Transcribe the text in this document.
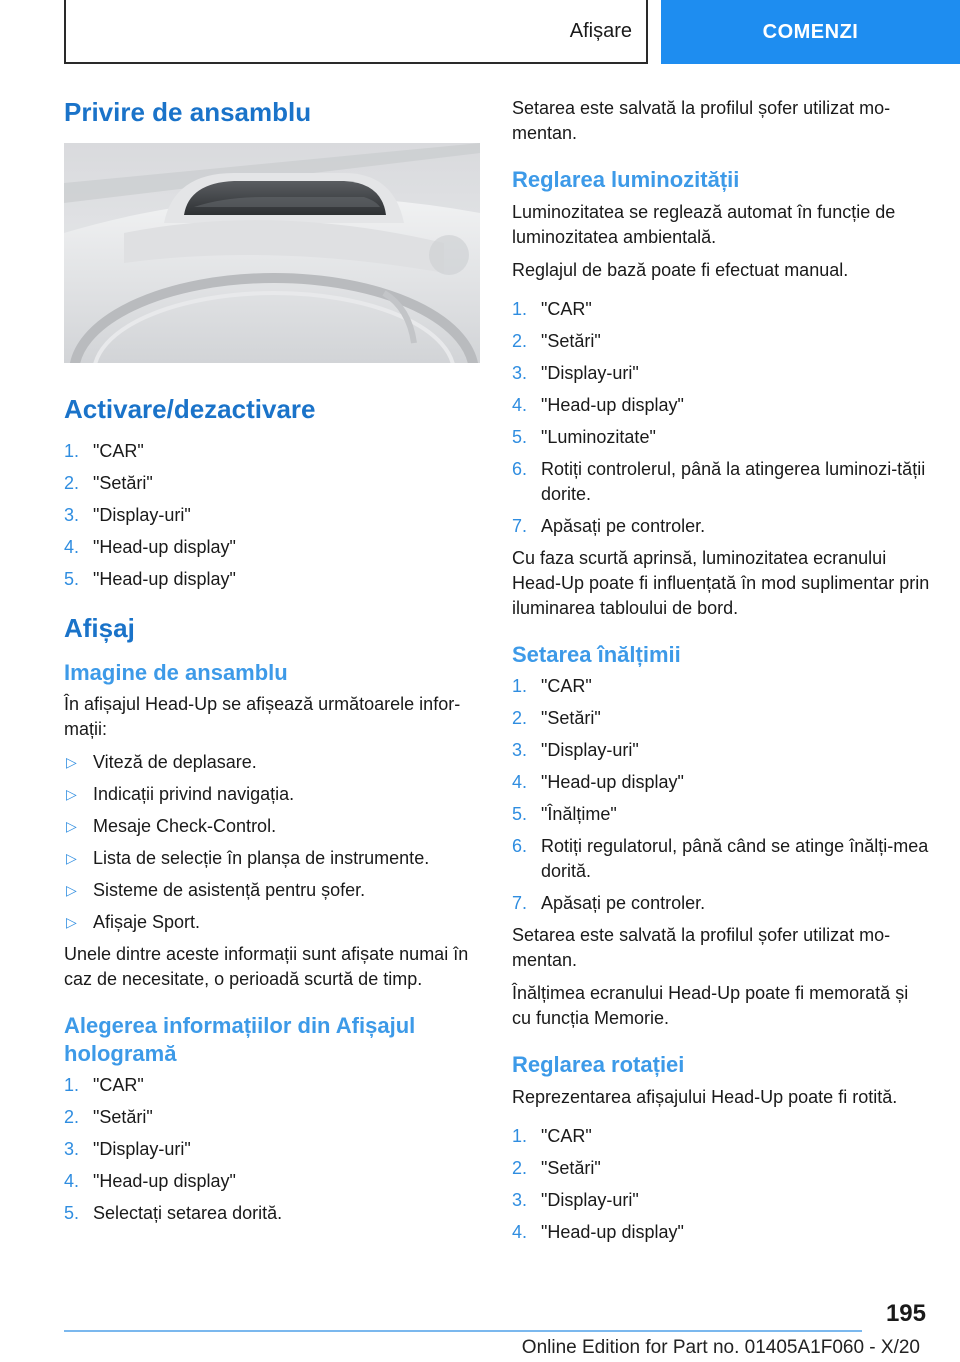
Afișare	COMENZI
Privire de ansamblu
Activare/dezactivare
1. "CAR"
2. "Setări"
3. "Display-uri"
4. "Head-up display"
5. "Head-up display"
Afișaj
Imagine de ansamblu

În afișajul Head-Up se afișează următoarele infor-mații:

▷ Viteză de deplasare.
▷ Indicații privind navigația.
▷ Mesaje Check-Control.
▷ Lista de selecție în planșa de instrumente.
▷ Sisteme de asistență pentru șofer.
▷ Afișaje Sport.

Unele dintre aceste informații sunt afișate numai în caz de necesitate, o perioadă scurtă de timp.

Alegerea informațiilor din Afișajul hologramă
1. "CAR"
2. "Setări"
3. "Display-uri"
4. "Head-up display"
5. Selectați setarea dorită.

Setarea este salvată la profilul șofer utilizat mo-mentan.

Reglarea luminozității

Luminozitatea se reglează automat în funcție de luminozitatea ambientală.

Reglajul de bază poate fi efectuat manual.

1. "CAR"
2. "Setări"
3. "Display-uri"
4. "Head-up display"
5. "Luminozitate"
6. Rotiți controlerul, până la atingerea luminozi-tății dorite.
7. Apăsați pe controler.

Cu faza scurtă aprinsă, luminozitatea ecranului Head-Up poate fi influențată în mod suplimentar prin iluminarea tabloului de bord.

Setarea înălțimii
1. "CAR"
2. "Setări"
3. "Display-uri"
4. "Head-up display"
5. "Înălțime"
6. Rotiți regulatorul, până când se atinge înălți-mea dorită.
7. Apăsați pe controler.

Setarea este salvată la profilul șofer utilizat mo-mentan.

Înălțimea ecranului Head-Up poate fi memorată și cu funcția Memorie.

Reglarea rotației

Reprezentarea afișajului Head-Up poate fi rotită.

1. "CAR"
2. "Setări"
3. "Display-uri"
4. "Head-up display"
195
Online Edition for Part no. 01405A1F060 - X/20
